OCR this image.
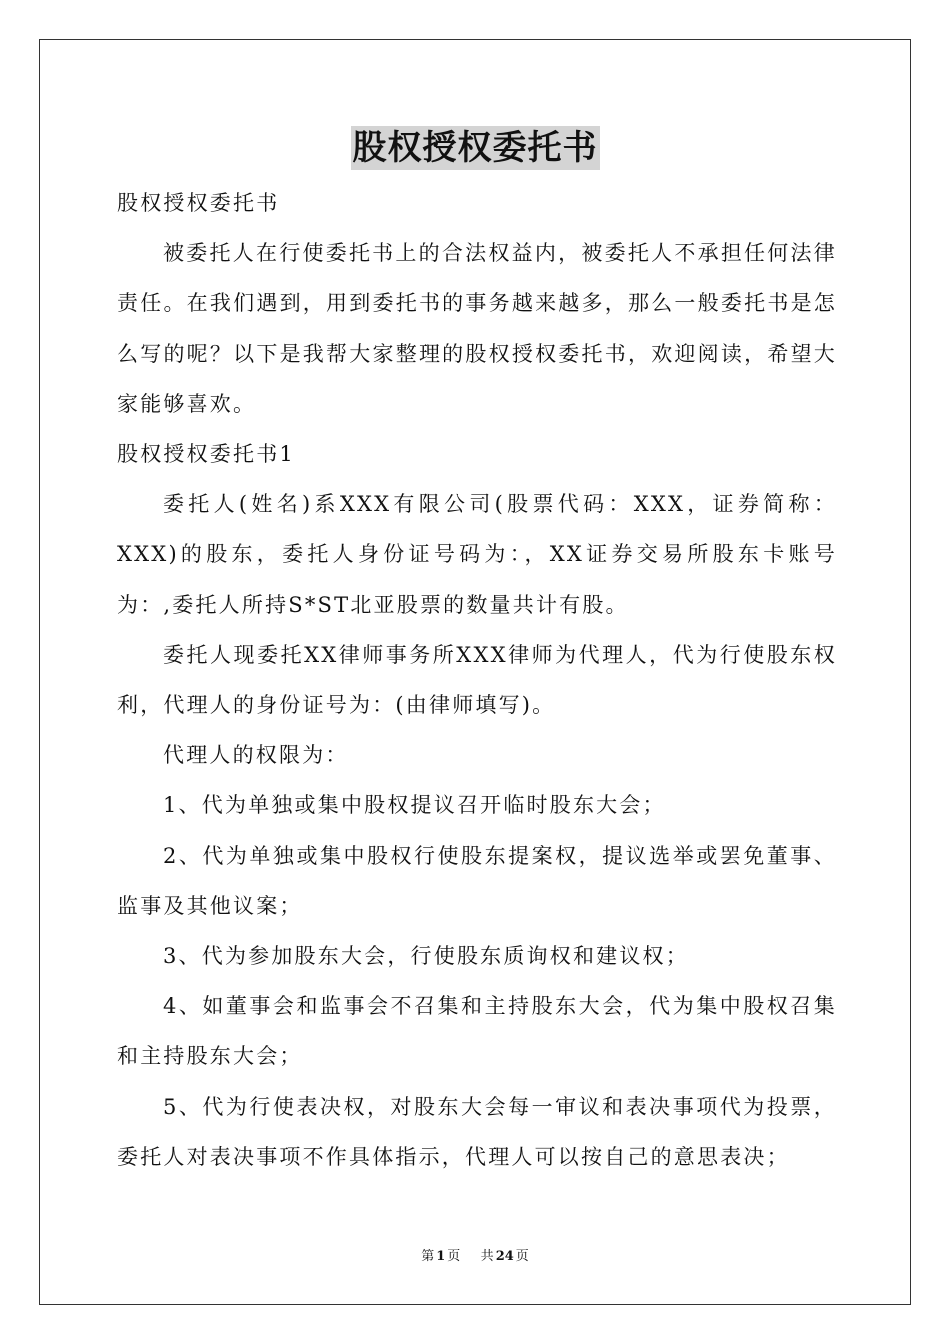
股权授权委托书

股权授权委托书

被委托人在行使委托书上的合法权益内，被委托人不承担任何法律责任。在我们遇到，用到委托书的事务越来越多，那么一般委托书是怎么写的呢？以下是我帮大家整理的股权授权委托书，欢迎阅读，希望大家能够喜欢。

股权授权委托书1

委托人(姓名)系XXX有限公司(股票代码：XXX，证券简称：XXX)的股东，委托人身份证号码为：，XX证券交易所股东卡账号为：,委托人所持S*ST北亚股票的数量共计有股。

委托人现委托XX律师事务所XXX律师为代理人，代为行使股东权利，代理人的身份证号为：(由律师填写)。

代理人的权限为：

1、代为单独或集中股权提议召开临时股东大会；

2、代为单独或集中股权行使股东提案权，提议选举或罢免董事、监事及其他议案；

3、代为参加股东大会，行使股东质询权和建议权；

4、如董事会和监事会不召集和主持股东大会，代为集中股权召集和主持股东大会；

5、代为行使表决权，对股东大会每一审议和表决事项代为投票，委托人对表决事项不作具体指示，代理人可以按自己的意思表决；

第 1 页 共 24 页
